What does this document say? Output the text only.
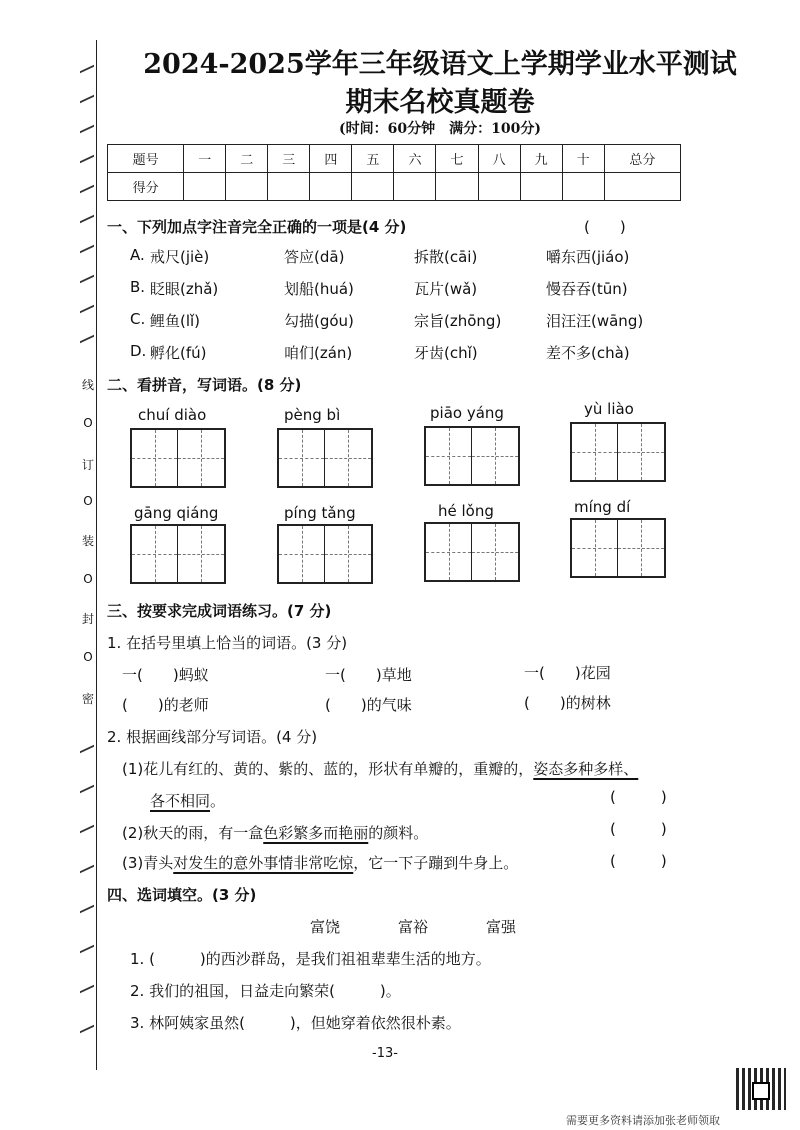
线
O
订
O
装
O
封
O
密
2024-2025学年三年级语文上学期学业水平测试
期末名校真题卷
(时间：60分钟　满分：100分)
题号	一	二	三	四	五	六	七	八	九	十	总分
得分											
一、下列加点字注音完全正确的一项是(4 分)	(　　)
A. 戒尺(jiè)	答应(dā)	拆散(cāi)	嚼东西(jiáo)
B. 眨眼(zhǎ)	划船(huá)	瓦片(wǎ)	慢吞吞(tūn)
C. 鲤鱼(lǐ)	勾描(góu)	宗旨(zhōng)	泪汪汪(wāng)
D. 孵化(fú)	咱们(zán)	牙齿(chǐ)	差不多(chà)
二、看拼音，写词语。(8 分)
chuí diào	pèng bì	piāo yáng	yù liào
gāng qiáng	píng tǎng	hé lǒng	míng dí
三、按要求完成词语练习。(7 分)
1. 在括号里填上恰当的词语。(3 分)
一(　　)蚂蚁	一(　　)草地	一(　　)花园
(　　)的老师	(　　)的气味	(　　)的树林
2. 根据画线部分写词语。(4 分)
(1)花儿有红的、黄的、紫的、蓝的，形状有单瓣的，重瓣的，姿态多种多样、
各不相同。	(　　　)
(2)秋天的雨，有一盒色彩繁多而艳丽的颜料。	(　　　)
(3)青头对发生的意外事情非常吃惊，它一下子蹦到牛身上。	(　　　)
四、选词填空。(3 分)
富饶	富裕	富强
1. (　　　)的西沙群岛，是我们祖祖辈辈生活的地方。
2. 我们的祖国，日益走向繁荣(　　　)。
3. 林阿姨家虽然(　　　)，但她穿着依然很朴素。
-13-
需要更多资料请添加张老师领取
